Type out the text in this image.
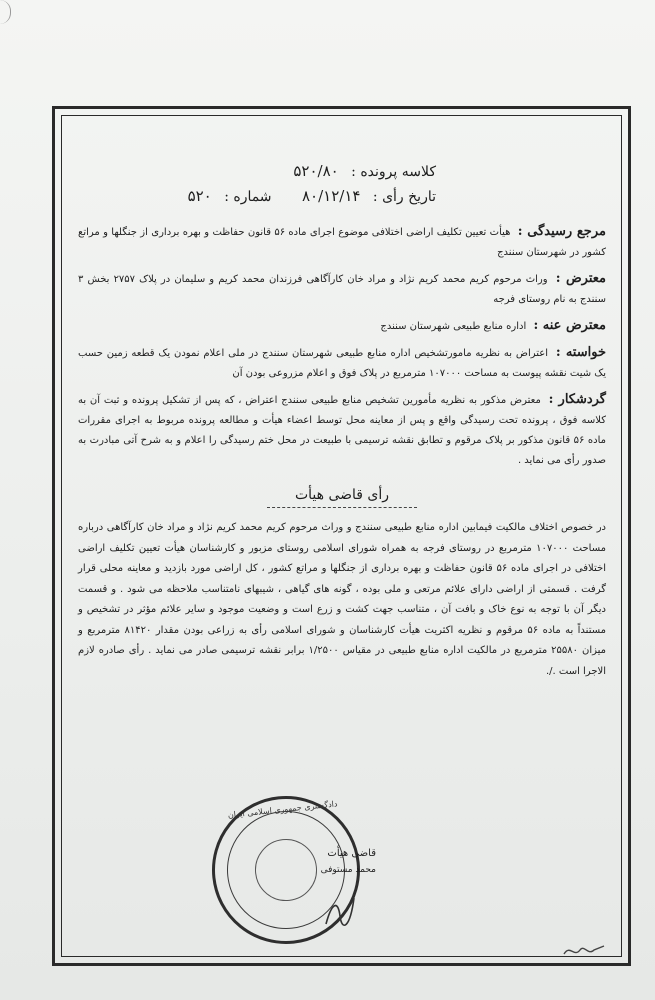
کلاسه پرونده : ۵۲۰/۸۰
تاریخ رأی : ۸۰/۱۲/۱۴ شماره : ۵۲۰
مرجع رسیدگی : هیأت تعیین تکلیف اراضی اختلافی موضوع اجرای ماده ۵۶ قانون حفاظت و بهره برداری از جنگلها و مراتع کشور در شهرستان سنندج
معترض : وراث مرحوم کریم محمد کریم نژاد و مراد خان کارآگاهی فرزندان محمد کریم و سلیمان در پلاک ۲۷۵۷ بخش ۳ سنندج به نام روستای فرجه
معترض عنه : اداره منابع طبیعی شهرستان سنندج
خواسته : اعتراض به نظریه مامورتشخیص اداره منابع طبیعی شهرستان سنندج در ملی اعلام نمودن یک قطعه زمین حسب یک شیت نقشه پیوست به مساحت ۱۰۷۰۰۰ مترمربع در پلاک فوق و اعلام مزروعی بودن آن
گردشکار : معترض مذکور به نظریه مأمورین تشخیص منابع طبیعی سنندج اعتراض ، که پس از تشکیل پرونده و ثبت آن به کلاسه فوق ، پرونده تحت رسیدگی واقع و پس از معاینه محل توسط اعضاء هیأت و مطالعه پرونده مربوط به اجرای مقررات ماده ۵۶ قانون مذکور بر پلاک مرقوم و تطابق نقشه ترسیمی با طبیعت در محل ختم رسیدگی را اعلام و به شرح آتی مبادرت به صدور رأی می نماید .
رأی قاضی هیأت
در خصوص اختلاف مالکیت فیمابین اداره منابع طبیعی سنندج و وراث مرحوم کریم محمد کریم نژاد و مراد خان کارآگاهی درباره مساحت ۱۰۷۰۰۰ مترمربع در روستای فرجه به همراه شورای اسلامی روستای مزبور و کارشناسان هیأت تعیین تکلیف اراضی اختلافی در اجرای ماده ۵۶ قانون حفاظت و بهره برداری از جنگلها و مراتع کشور ، کل اراضی مورد بازدید و معاینه محلی قرار گرفت . قسمتی از اراضی دارای علائم مرتعی و ملی بوده ، گونه های گیاهی ، شیبهای نامتناسب ملاحظه می شود . و قسمت دیگر آن با توجه به نوع خاک و بافت آن ، متناسب جهت کشت و زرع است و وضعیت موجود و سایر علائم مؤثر در تشخیص و مستنداً به ماده ۵۶ مرقوم و نظریه اکثریت هیأت کارشناسان و شورای اسلامی رأی به زراعی بودن مقدار ۸۱۴۲۰ مترمربع و میزان ۲۵۵۸۰ مترمربع در مالکیت اداره منابع طبیعی در مقیاس ۱/۲۵۰۰ برابر نقشه ترسیمی صادر می نماید . رأی صادره لازم الاجرا است ./.
دادگستری جمهوری اسلامی ایران
قاضی هیأت
محمد مستوفی
